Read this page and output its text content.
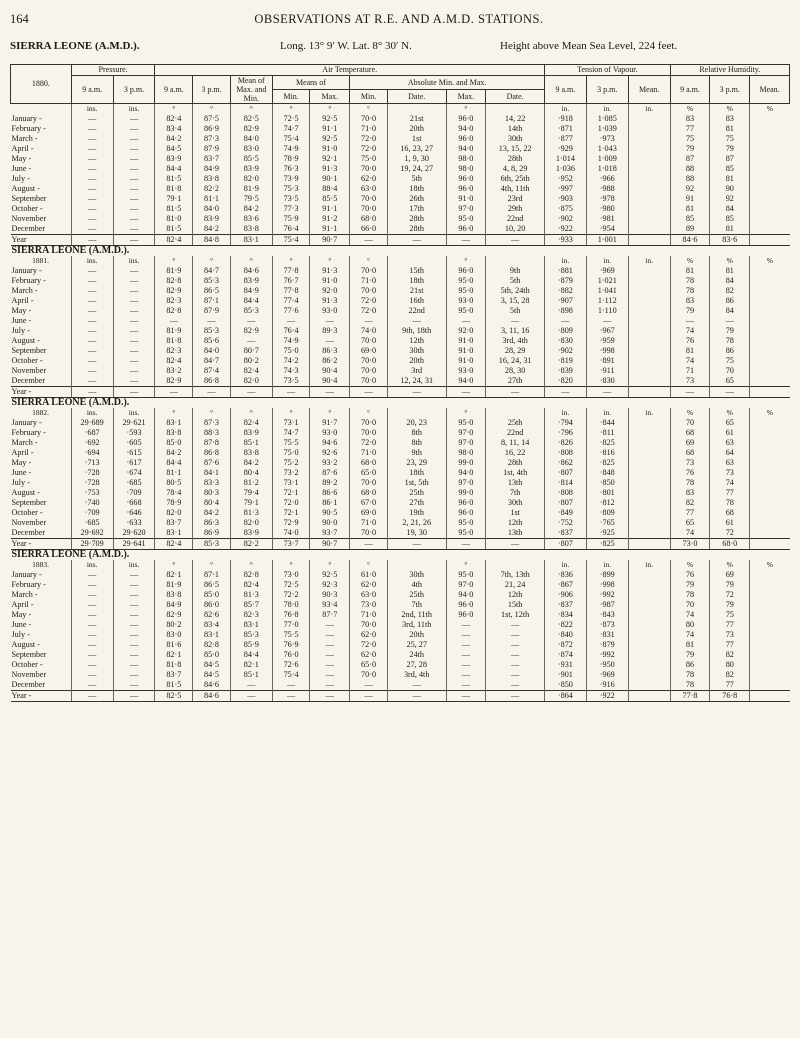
164	OBSERVATIONS AT R.E. AND A.M.D. STATIONS.
SIERRA LEONE (A.M.D.).	Long. 13° 9′ W. Lat. 8° 30′ N.	Height above Mean Sea Level, 224 feet.
1880.	Pressure.		Air Temperature.									Tension of Vapour.			Relative Humidity.		
	9 a.m.	3 p.m.	9 a.m.	3 p.m.	Mean of Max. and Min.	Means of		Absolute Min. and Max.				9 a.m.	3 p.m.	Mean.	9 a.m.	3 p.m.	Mean.
						Min.	Max.	Min.	Date.	Max.	Date.						
	ins.	ins.	°	°	°	°	°	°		°		in.	in.	in.	%	%	%
January -	—	—	82·4	87·5	82·5	72·5	92·5	70·0	21st	96·0	14, 22	·918	1·085		83	83	
February -	—	—	83·4	86·9	82·9	74·7	91·1	71·0	20th	94·0	14th	·871	1·039		77	81	
March -	—	—	84·2	87·3	84·0	75·4	92·5	72·0	1st	96·0	30th	·877	·973		75	75	
April -	—	—	84·5	87·9	83·0	74·9	91·0	72·0	16, 23, 27	94·0	13, 15, 22	·929	1·043		79	79	
May -	—	—	83·9	83·7	85·5	78·9	92·1	75·0	1, 9, 30	98·0	28th	1·014	1·009		87	87	
June -	—	—	84·4	84·9	83·9	76·3	91·3	70·0	19, 24, 27	98·0	4, 8, 29	1·036	1·018		88	85	
July -	—	—	81·5	83·8	82·0	73·9	90·1	62·0	5th	96·0	6th, 25th	·952	·966		88	81	
August -	—	—	81·8	82·2	81·9	75·3	88·4	63·0	18th	96·0	4th, 11th	·997	·988		92	90	
September	—	—	79·1	81·1	79·5	73·5	85·5	70·0	26th	91·0	23rd	·903	·978		91	92	
October -	—	—	81·5	84·0	84·2	77·3	91·1	70·0	17th	97·0	29th	·875	·980		81	84	
November	—	—	81·0	83·9	83·6	75·9	91·2	68·0	28th	95·0	22nd	·902	·981		85	85	
December	—	—	81·5	84·2	83·8	76·4	91·1	66·0	28th	96·0	10, 20	·922	·954		89	81	
Year	—	—	82·4	84·8	83·1	75·4	90·7	—	—	—	—	·933	1·001		84·6	83·6	
SIERRA LEONE (A.M.D.).																	
1881.	ins.	ins.	°	°	°	°	°	°		°		in.	in.	in.	%	%	%
January -	—	—	81·9	84·7	84·6	77·8	91·3	70·0	15th	96·0	9th	·881	·969		81	81	
February -	—	—	82·8	85·3	83·9	76·7	91·0	71·0	18th	95·0	5th	·879	1·021		78	84	
March -	—	—	82·9	86·5	84·9	77·8	92·0	70·0	21st	95·0	5th, 24th	·882	1·041		78	82	
April -	—	—	82·3	87·1	84·4	77·4	91·3	72·0	16th	93·0	3, 15, 28	·907	1·112		83	86	
May -	—	—	82·8	87·9	85·3	77·6	93·0	72·0	22nd	95·0	5th	·898	1·110		79	84	
June -	—	—	—	—	—	—	—	—	—	—	—	—	—		—	—	
July -	—	—	81·9	85·3	82·9	76·4	89·3	74·0	9th, 18th	92·0	3, 11, 16	·809	·967		74	79	
August -	—	—	81·8	85·6	—	74·9	—	70·0	12th	91·0	3rd, 4th	·830	·959		76	78	
September	—	—	82·3	84·0	80·7	75·0	86·3	69·0	30th	91·0	28, 29	·902	·998		81	86	
October -	—	—	82·4	84·7	80·2	74·2	86·2	70·0	20th	91·0	16, 24, 31	·819	·891		74	75	
November	—	—	83·2	87·4	82·4	74·3	90·4	70·0	3rd	93·0	28, 30	·839	·911		71	70	
December	—	—	82·9	86·8	82·0	73·5	90·4	70·0	12, 24, 31	94·0	27th	·820	·830		73	65	
Year -	—	—	—	—	—	—	—	—	—	—	—	—	—		—	—	
SIERRA LEONE (A.M.D.).																	
1882.	ins.	ins.	°	°	°	°	°	°		°		in.	in.	in.	%	%	%
January -	29·689	29·621	83·1	87·3	82·4	73·1	91·7	70·0	20, 23	95·0	25th	·794	·844		70	65	
February -	·687	·593	83·8	88·3	83·9	74·7	93·0	70·0	8th	97·0	22nd	·796	·811		68	61	
March -	·692	·605	85·0	87·8	85·1	75·5	94·6	72·0	8th	97·0	8, 11, 14	·826	·825		69	63	
April -	·694	·615	84·2	86·8	83·8	75·0	92·6	71·0	9th	98·0	16, 22	·808	·816		68	64	
May -	·713	·617	84·4	87·6	84·2	75·2	93·2	68·0	23, 29	99·0	28th	·862	·825		73	63	
June -	·728	·674	81·1	84·1	80·4	73·2	87·6	65·0	18th	94·0	1st, 4th	·807	·848		76	73	
July -	·728	·685	80·5	83·3	81·2	73·1	89·2	70·0	1st, 5th	97·0	13th	·814	·850		78	74	
August -	·753	·709	78·4	80·3	79·4	72·1	86·6	68·0	25th	99·0	7th	·808	·801		83	77	
September	·740	·668	78·9	80·4	79·1	72·0	86·1	67·0	27th	96·0	30th	·807	·812		82	78	
October -	·709	·646	82·0	84·2	81·3	72·1	90·5	69·0	19th	96·0	1st	·849	·809		77	68	
November	·685	·633	83·7	86·3	82·0	72·9	90·0	71·0	2, 21, 26	95·0	12th	·752	·765		65	61	
December	29·692	29·620	83·1	86·9	83·9	74·0	93·7	70·0	19, 30	95·0	13th	·837	·925		74	72	
Year -	29·709	29·641	82·4	85·3	82·2	73·7	90·7	—	—	—	—	·807	·825		73·0	68·0	
SIERRA LEONE (A.M.D.).																	
1883.	ins.	ins.	°	°	°	°	°	°		°		in.	in.	in.	%	%	%
January -	—	—	82·1	87·1	82·8	73·0	92·5	61·0	30th	95·0	7th, 13th	·836	·899		76	69	
February -	—	—	81·9	86·5	82·4	72·5	92·3	62·0	4th	97·0	21, 24	·867	·998		79	79	
March -	—	—	83·8	85·0	81·3	72·2	90·3	63·0	25th	94·0	12th	·906	·992		78	72	
April -	—	—	84·9	86·0	85·7	78·0	93·4	73·0	7th	96·0	15th	·837	·987		70	79	
May -	—	—	82·9	82·6	82·3	76·8	87·7	71·0	2nd, 11th	96·0	1st, 12th	·834	·843		74	75	
June -	—	—	80·2	83·4	83·1	77·0	—	70·0	3rd, 11th	—	—	·822	·873		80	77	
July -	—	—	83·0	83·1	85·3	75·5	—	62·0	20th	—	—	·840	·831		74	73	
August -	—	—	81·6	82·8	85·9	76·9	—	72·0	25, 27	—	—	·872	·879		81	77	
September	—	—	82·1	85·0	84·4	76·0	—	62·0	24th	—	—	·874	·992		79	82	
October -	—	—	81·8	84·5	82·1	72·6	—	65·0	27, 28	—	—	·931	·950		86	80	
November	—	—	83·7	84·5	85·1	75·4	—	70·0	3rd, 4th	—	—	·901	·969		78	82	
December	—	—	81·5	84·6	—	—	—	—	—	—	—	·850	·916		78	77	
Year -	—	—	82·5	84·6	—	—	—	—	—	—	—	·864	·922		77·8	76·8	
